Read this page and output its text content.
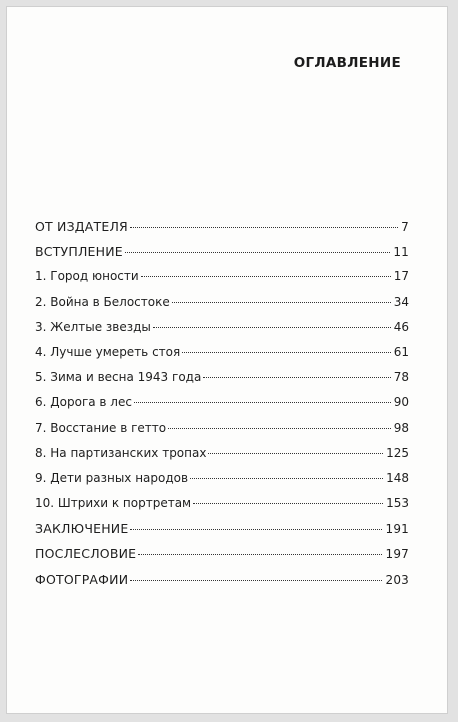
ОГЛАВЛЕНИЕ
ОТ ИЗДАТЕЛЯ	7
ВСТУПЛЕНИЕ	11
1. Город юности	17
2. Война в Белостоке	34
3. Желтые звезды	46
4. Лучше умереть стоя	61
5. Зима и весна 1943 года	78
6. Дорога в лес	90
7. Восстание в гетто	98
8. На партизанских тропах	125
9. Дети разных народов	148
10. Штрихи к портретам	153
ЗАКЛЮЧЕНИЕ	191
ПОСЛЕСЛОВИЕ	197
ФОТОГРАФИИ	203
